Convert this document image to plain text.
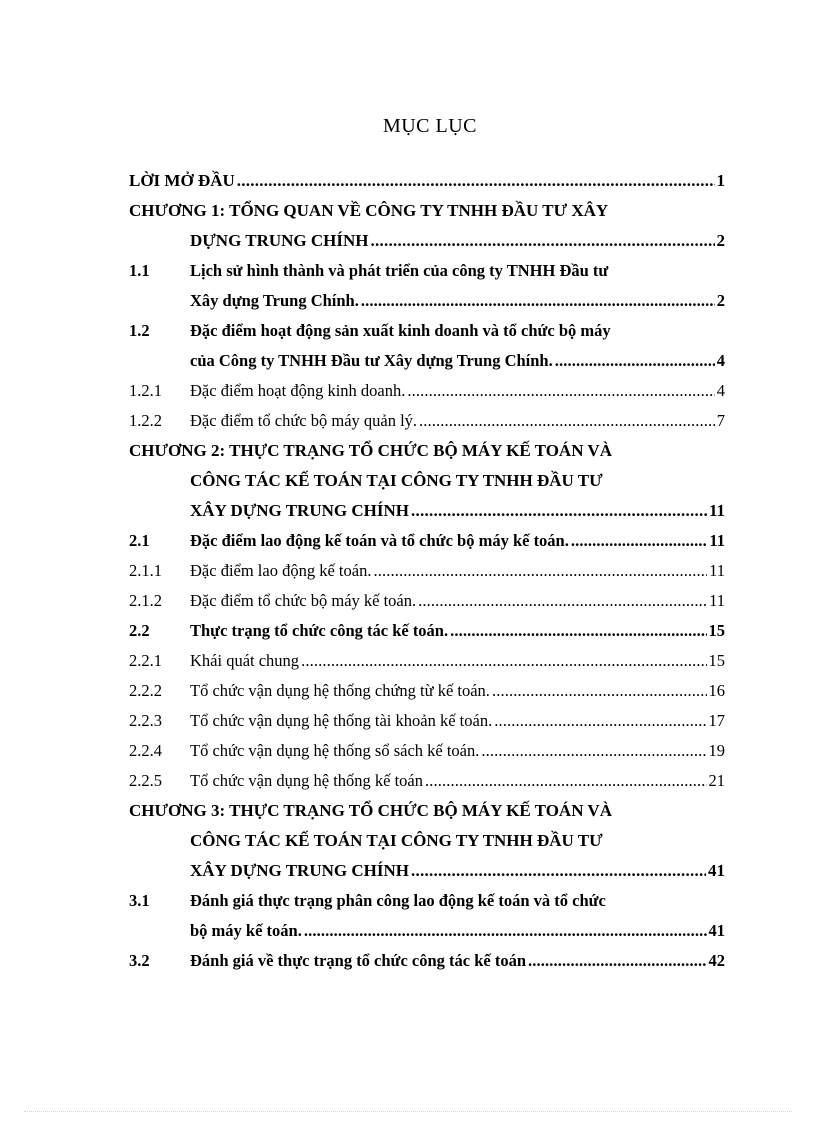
MỤC LỤC
LỜI MỞ ĐẦU . . .	1
CHƯƠNG 1: TỔNG QUAN VỀ CÔNG TY TNHH ĐẦU TƯ XÂY
DỰNG TRUNG CHÍNH . . .	2
1.1 Lịch sử hình thành và phát triển của công ty TNHH Đầu tư
Xây dựng Trung Chính. . . .	2
1.2 Đặc điểm hoạt động sản xuất kinh doanh và tổ chức bộ máy
của Công ty TNHH Đầu tư Xây dựng Trung Chính. . . .	4
1.2.1 Đặc điểm hoạt động kinh doanh. . . .	4
1.2.2 Đặc điểm tổ chức bộ máy quản lý. . . .	7
CHƯƠNG 2: THỰC TRẠNG TỔ CHỨC BỘ MÁY KẾ TOÁN VÀ
CÔNG TÁC KẾ TOÁN TẠI CÔNG TY TNHH ĐẦU TƯ
XÂY DỰNG TRUNG CHÍNH . . .	11
2.1 Đặc điểm lao động kế toán và tổ chức bộ máy kế toán. . . .	11
2.1.1 Đặc điểm lao động kế toán. . . .	11
2.1.2 Đặc điểm tổ chức bộ máy kế toán. . . .	11
2.2 Thực trạng tổ chức công tác kế toán. . . .	15
2.2.1 Khái quát chung . . .	15
2.2.2 Tổ chức vận dụng hệ thống chứng từ kế toán. . . .	16
2.2.3 Tổ chức vận dụng hệ thống tài khoản kế toán. . . .	17
2.2.4 Tổ chức vận dụng hệ thống sổ sách kế toán. . . .	19
2.2.5 Tổ chức vận dụng hệ thống kế toán . . .	21
CHƯƠNG 3: THỰC TRẠNG TỔ CHỨC BỘ MÁY KẾ TOÁN VÀ
CÔNG TÁC KẾ TOÁN TẠI CÔNG TY TNHH ĐẦU TƯ
XÂY DỰNG TRUNG CHÍNH . . .	41
3.1 Đánh giá thực trạng phân công lao động kế toán và tổ chức
bộ máy kế toán. . . .	41
3.2 Đánh giá về thực trạng tổ chức công tác kế toán . . .	42
